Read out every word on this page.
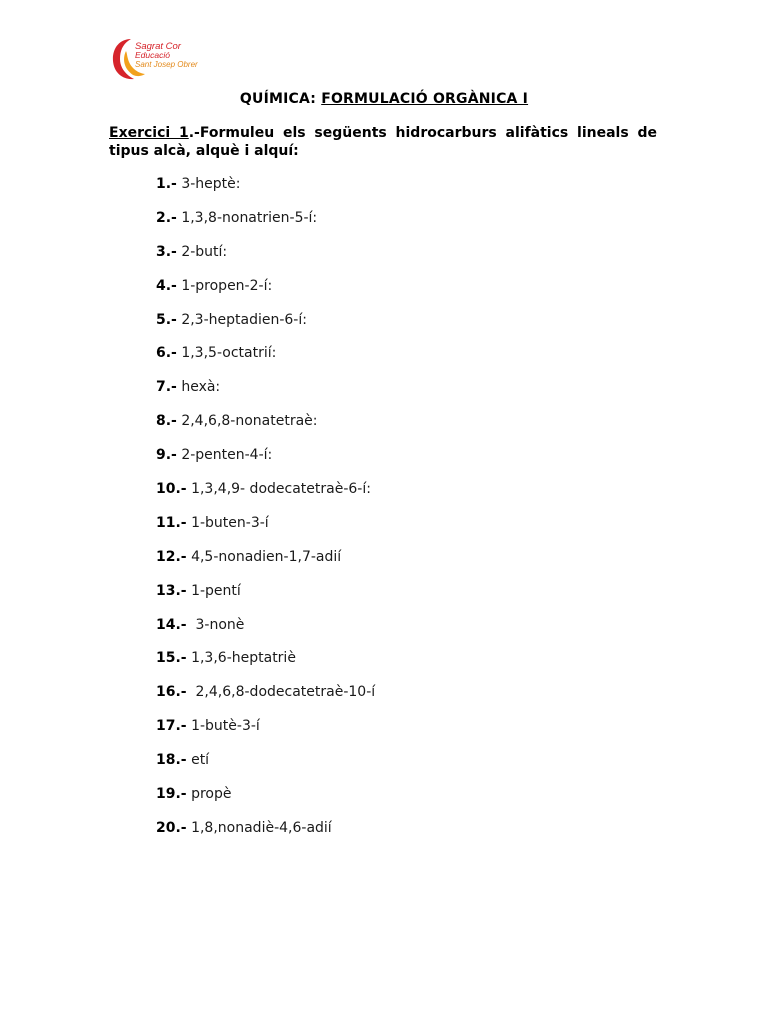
Sagrat Cor
Educació
Sant Josep Obrer
QUÍMICA: FORMULACIÓ ORGÀNICA I
Exercici 1.-Formuleu els següents hidrocarburs alifàtics lineals de tipus alcà, alquè i alquí:
1.- 3-heptè:
2.- 1,3,8-nonatrien-5-í:
3.- 2-butí:
4.- 1-propen-2-í:
5.- 2,3-heptadien-6-í:
6.- 1,3,5-octatrií:
7.- hexà:
8.- 2,4,6,8-nonatetraè:
9.- 2-penten-4-í:
10.- 1,3,4,9- dodecatetraè-6-í:
11.- 1-buten-3-í
12.- 4,5-nonadien-1,7-adií
13.- 1-pentí
14.-  3-nonè
15.- 1,3,6-heptatriè
16.-  2,4,6,8-dodecatetraè-10-í
17.- 1-butè-3-í
18.- etí
19.- propè
20.- 1,8,nonadiè-4,6-adií
